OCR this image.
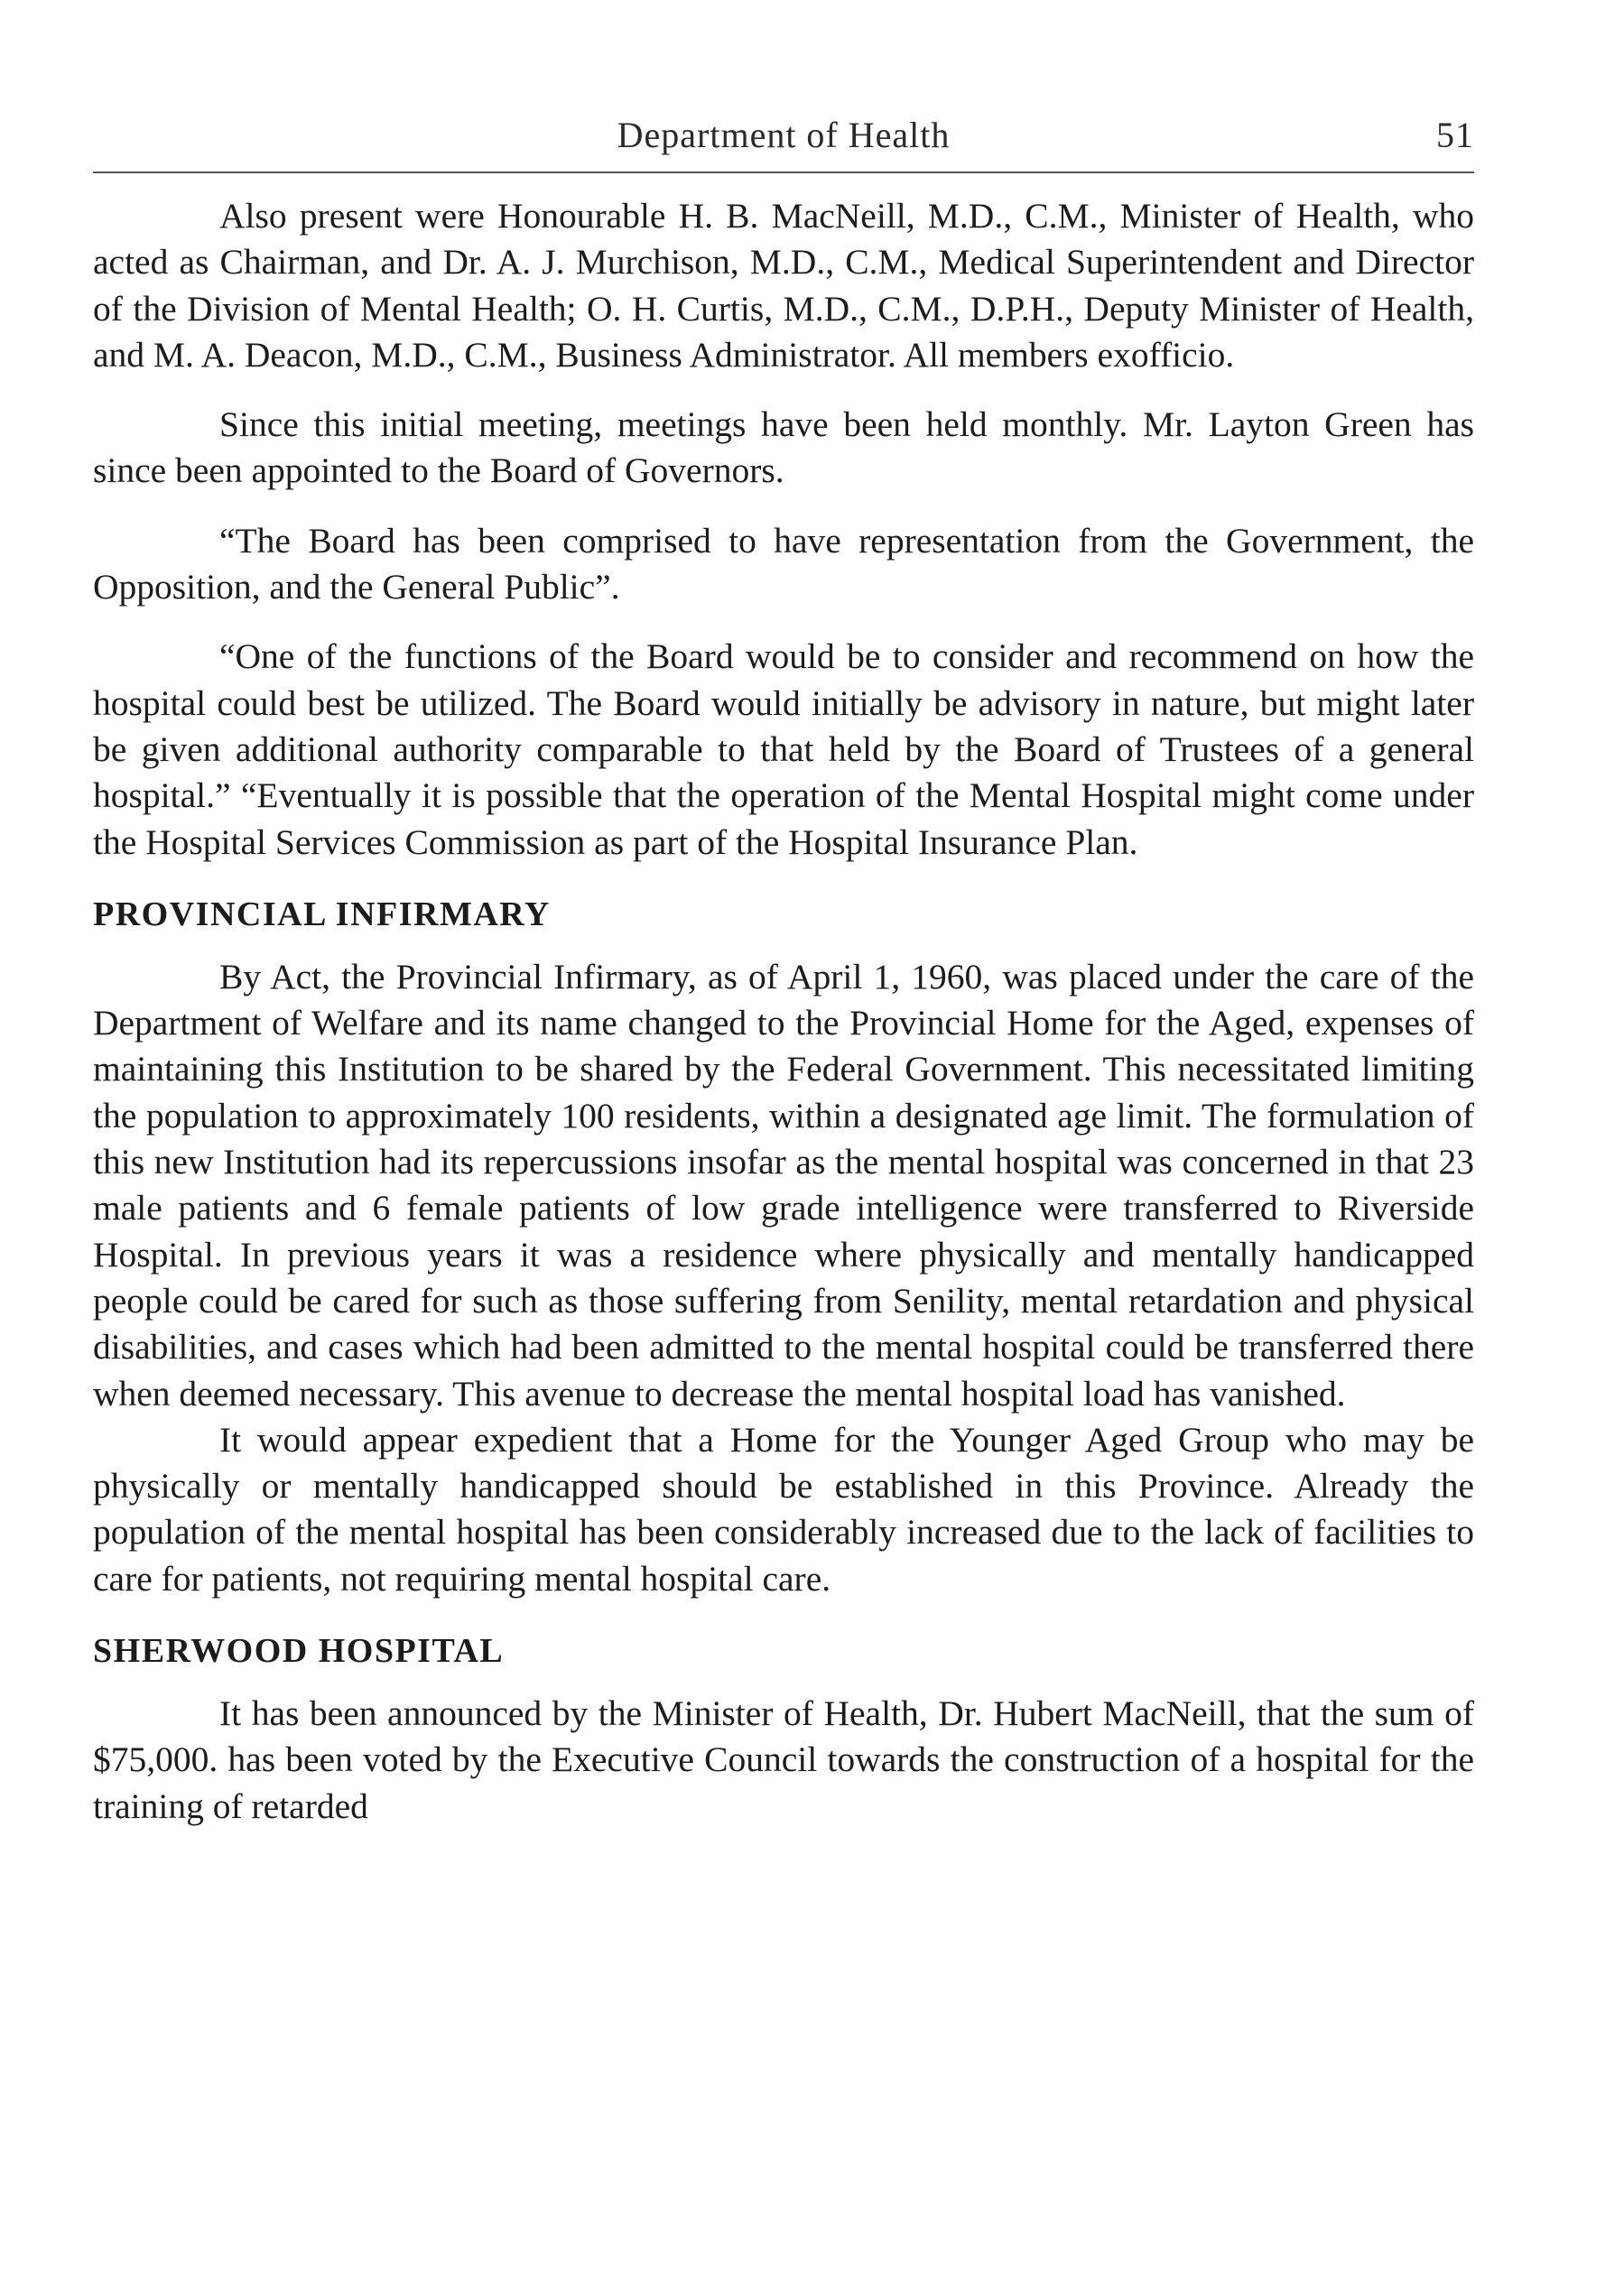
Department of Health	51

Also present were Honourable H. B. MacNeill, M.D., C.M., Minister of Health, who acted as Chairman, and Dr. A. J. Murchison, M.D., C.M., Medical Superintendent and Director of the Division of Mental Health; O. H. Curtis, M.D., C.M., D.P.H., Deputy Minister of Health, and M. A. Deacon, M.D., C.M., Business Administrator. All members exofficio.

Since this initial meeting, meetings have been held monthly. Mr. Layton Green has since been appointed to the Board of Governors.

“The Board has been comprised to have representation from the Government, the Opposition, and the General Public”.

“One of the functions of the Board would be to consider and recommend on how the hospital could best be utilized. The Board would initially be advisory in nature, but might later be given additional authority comparable to that held by the Board of Trustees of a general hospital.” “Eventually it is possible that the operation of the Mental Hospital might come under the Hospital Services Commission as part of the Hospital Insurance Plan.

PROVINCIAL INFIRMARY

By Act, the Provincial Infirmary, as of April 1, 1960, was placed under the care of the Department of Welfare and its name changed to the Provincial Home for the Aged, expenses of maintaining this Institution to be shared by the Federal Government. This necessitated limiting the population to approximately 100 residents, within a designated age limit. The formulation of this new Institution had its repercussions insofar as the mental hospital was concerned in that 23 male patients and 6 female patients of low grade intelligence were transferred to Riverside Hospital. In previous years it was a residence where physically and mentally handicapped people could be cared for such as those suffering from Senility, mental retardation and physical disabilities, and cases which had been admitted to the mental hospital could be transferred there when deemed necessary. This avenue to decrease the mental hospital load has vanished.

It would appear expedient that a Home for the Younger Aged Group who may be physically or mentally handicapped should be established in this Province. Already the population of the mental hospital has been considerably increased due to the lack of facilities to care for patients, not requiring mental hospital care.

SHERWOOD HOSPITAL

It has been announced by the Minister of Health, Dr. Hubert MacNeill, that the sum of $75,000. has been voted by the Executive Council towards the construction of a hospital for the training of retarded
